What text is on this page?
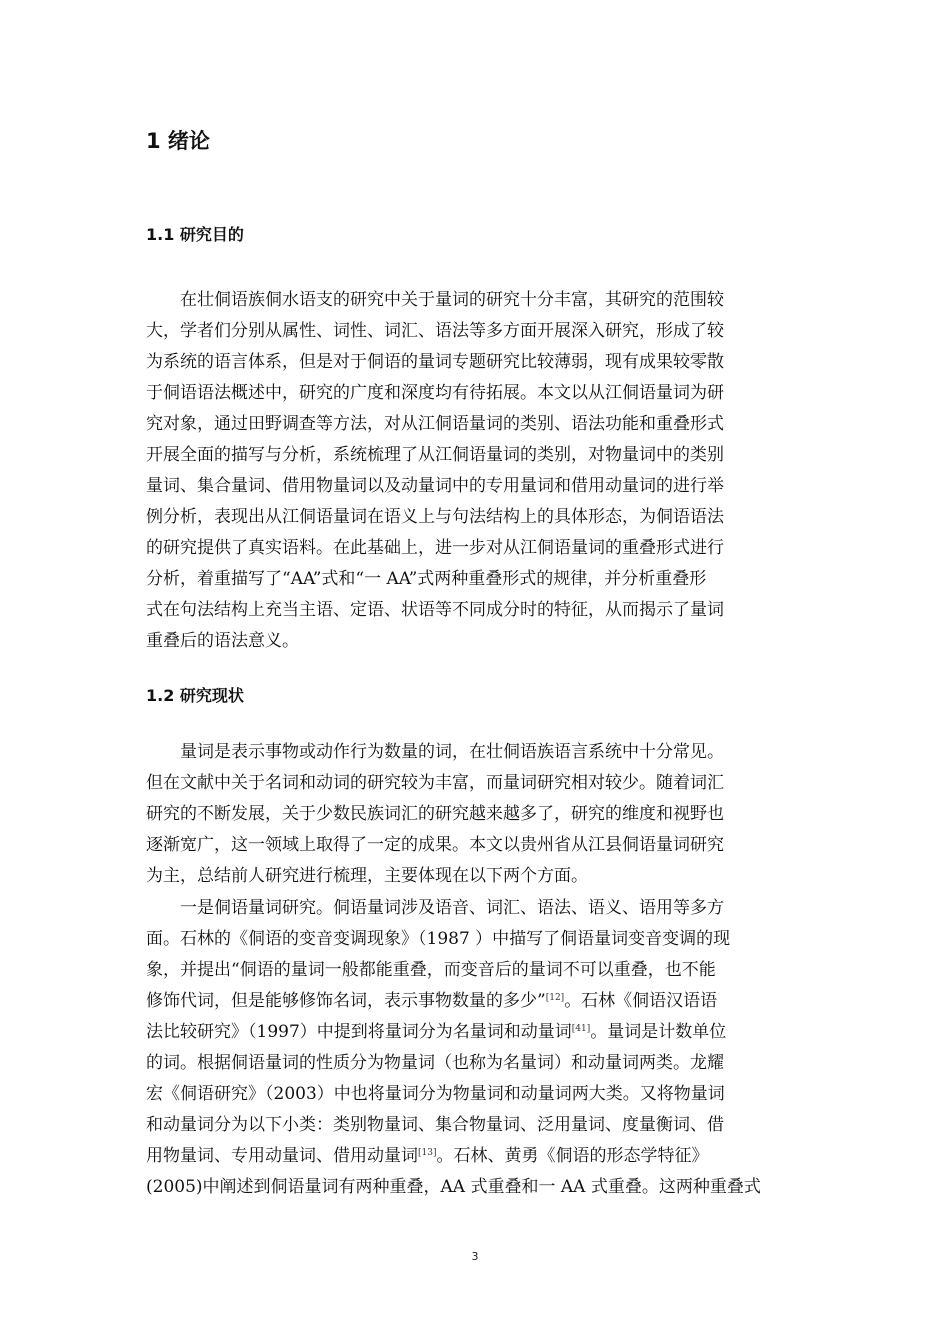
1 绪论
1.1 研究目的
在壮侗语族侗水语支的研究中关于量词的研究十分丰富，其研究的范围较
大，学者们分别从属性、词性、词汇、语法等多方面开展深入研究，形成了较
为系统的语言体系，但是对于侗语的量词专题研究比较薄弱，现有成果较零散
于侗语语法概述中，研究的广度和深度均有待拓展。本文以从江侗语量词为研
究对象，通过田野调查等方法，对从江侗语量词的类别、语法功能和重叠形式
开展全面的描写与分析，系统梳理了从江侗语量词的类别，对物量词中的类别
量词、集合量词、借用物量词以及动量词中的专用量词和借用动量词的进行举
例分析，表现出从江侗语量词在语义上与句法结构上的具体形态，为侗语语法
的研究提供了真实语料。在此基础上，进一步对从江侗语量词的重叠形式进行
分析，着重描写了“AA”式和“一 AA”式两种重叠形式的规律，并分析重叠形
式在句法结构上充当主语、定语、状语等不同成分时的特征，从而揭示了量词
重叠后的语法意义。
1.2 研究现状
量词是表示事物或动作行为数量的词，在壮侗语族语言系统中十分常见。
但在文献中关于名词和动词的研究较为丰富，而量词研究相对较少。随着词汇
研究的不断发展，关于少数民族词汇的研究越来越多了，研究的维度和视野也
逐渐宽广，这一领域上取得了一定的成果。本文以贵州省从江县侗语量词研究
为主，总结前人研究进行梳理，主要体现在以下两个方面。
一是侗语量词研究。侗语量词涉及语音、词汇、语法、语义、语用等多方
面。石林的《侗语的变音变调现象》（1987 ）中描写了侗语量词变音变调的现
象，并提出“侗语的量词一般都能重叠，而变音后的量词不可以重叠，也不能
修饰代词，但是能够修饰名词，表示事物数量的多少”[12]。石林《侗语汉语语
法比较研究》（1997）中提到将量词分为名量词和动量词[41]。量词是计数单位
的词。根据侗语量词的性质分为物量词（也称为名量词）和动量词两类。龙耀
宏《侗语研究》（2003）中也将量词分为物量词和动量词两大类。又将物量词
和动量词分为以下小类：类别物量词、集合物量词、泛用量词、度量衡词、借
用物量词、专用动量词、借用动量词[13]。石林、黄勇《侗语的形态学特征》
(2005)中阐述到侗语量词有两种重叠，AA 式重叠和一 AA 式重叠。这两种重叠式
3
